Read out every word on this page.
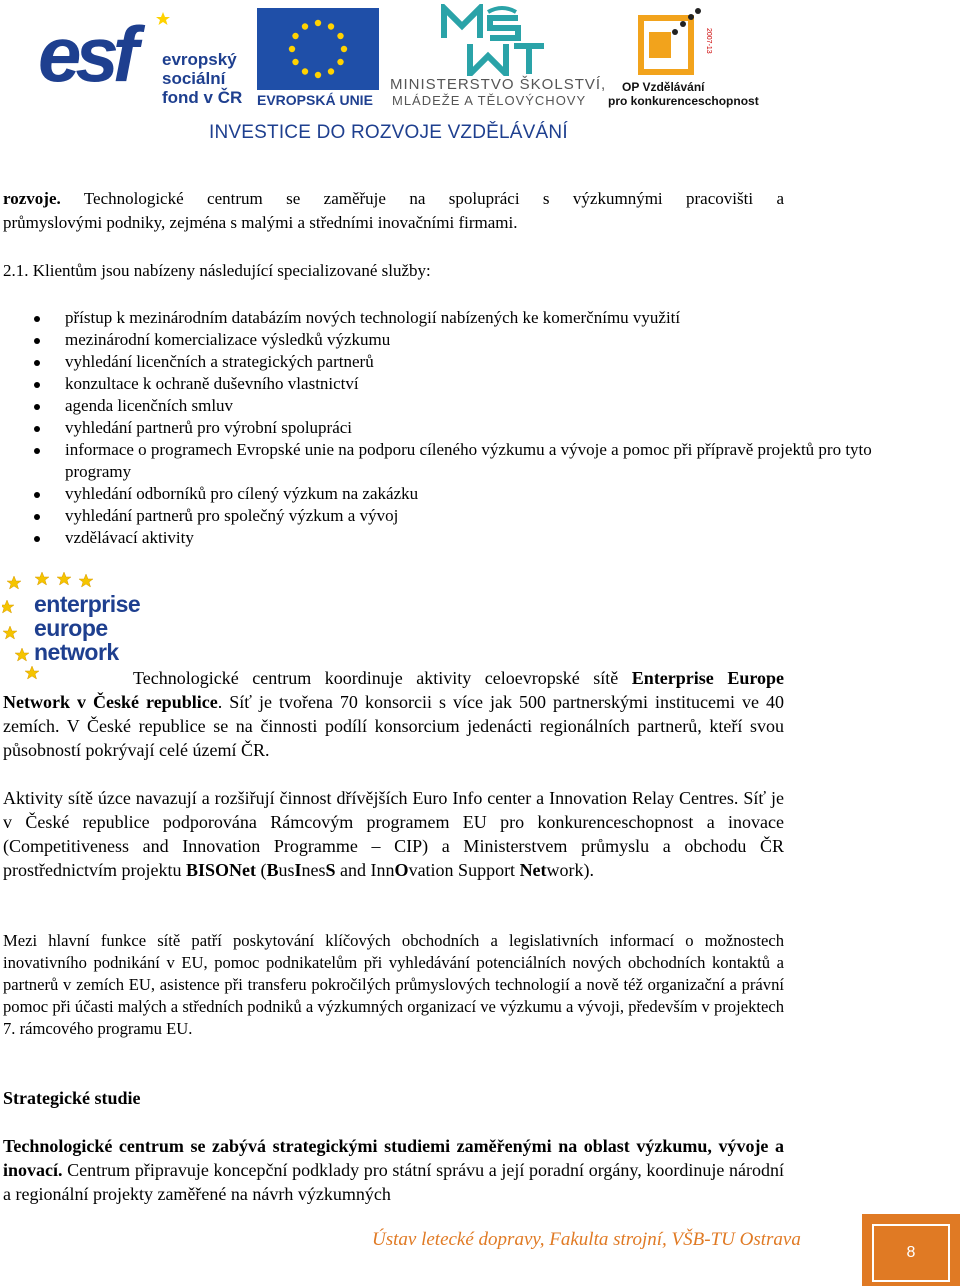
esf evropský
sociální
fond v ČR EVROPSKÁ UNIE
MINISTERSTVO ŠKOLSTVÍ,
MLÁDEŽE A TĚLOVÝCHOVY
2007-13
OP Vzdělávání
pro konkurenceschopnost
INVESTICE DO ROZVOJE VZDĚLÁVÁNÍ
rozvoje. Technologické centrum se zaměřuje na spolupráci s výzkumnými pracovišti a
průmyslovými podniky, zejména s malými a středními inovačními firmami.
2.1. Klientům jsou nabízeny následující specializované služby:
přístup k mezinárodním databázím nových technologií nabízených ke komerčnímu využití
mezinárodní komercializace výsledků výzkumu
vyhledání licenčních a strategických partnerů
konzultace k ochraně duševního vlastnictví
agenda licenčních smluv
vyhledání partnerů pro výrobní spolupráci
informace o programech Evropské unie na podporu cíleného výzkumu a vývoje a pomoc při přípravě projektů pro tyto programy
vyhledání odborníků pro cílený výzkum na zakázku
vyhledání partnerů pro společný výzkum a vývoj
vzdělávací aktivity
enterprise
europe
network
Technologické centrum koordinuje aktivity celoevropské sítě Enterprise Europe Network v České republice. Síť je tvořena 70 konsorcii s více jak 500 partnerskými institucemi ve 40 zemích. V České republice se na činnosti podílí konsorcium jedenácti regionálních partnerů, kteří svou působností pokrývají celé území ČR.
Aktivity sítě úzce navazují a rozšiřují činnost dřívějších Euro Info center a Innovation Relay Centres. Síť je v České republice podporována Rámcovým programem EU pro konkurenceschopnost a inovace (Competitiveness and Innovation Programme – CIP) a Ministerstvem průmyslu a obchodu ČR prostřednictvím projektu BISONet (BusInesS and InnOvation Support Network).
Mezi hlavní funkce sítě patří poskytování klíčových obchodních a legislativních informací o možnostech inovativního podnikání v EU, pomoc podnikatelům při vyhledávání potenciálních nových obchodních kontaktů a partnerů v zemích EU, asistence při transferu pokročilých průmyslových technologií a nově též organizační a právní pomoc při účasti malých a středních podniků a výzkumných organizací ve výzkumu a vývoji, především v projektech 7. rámcového programu EU.
Strategické studie
Technologické centrum se zabývá strategickými studiemi zaměřenými na oblast výzkumu, vývoje a inovací. Centrum připravuje koncepční podklady pro státní správu a její poradní orgány, koordinuje národní a regionální projekty zaměřené na návrh výzkumných
Ústav letecké dopravy, Fakulta strojní, VŠB-TU Ostrava
8
